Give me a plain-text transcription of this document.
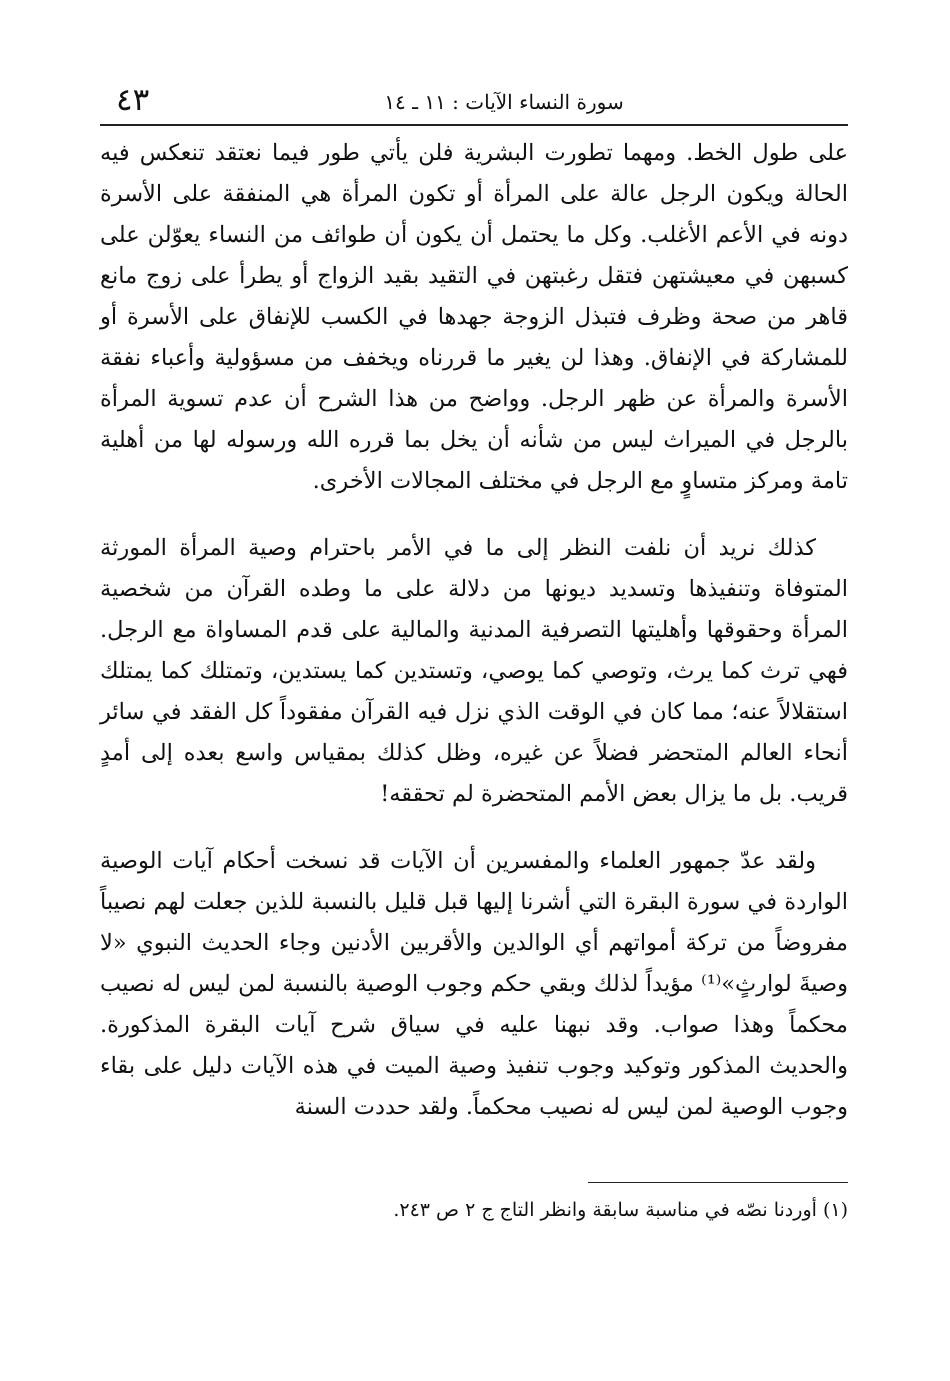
٤٣	سورة النساء الآيات : ١١ ـ ١٤

على طول الخط. ومهما تطورت البشرية فلن يأتي طور فيما نعتقد تنعكس فيه الحالة ويكون الرجل عالة على المرأة أو تكون المرأة هي المنفقة على الأسرة دونه في الأعم الأغلب. وكل ما يحتمل أن يكون أن طوائف من النساء يعوّلن على كسبهن في معيشتهن فتقل رغبتهن في التقيد بقيد الزواج أو يطرأ على زوج مانع قاهر من صحة وظرف فتبذل الزوجة جهدها في الكسب للإنفاق على الأسرة أو للمشاركة في الإنفاق. وهذا لن يغير ما قررناه ويخفف من مسؤولية وأعباء نفقة الأسرة والمرأة عن ظهر الرجل. وواضح من هذا الشرح أن عدم تسوية المرأة بالرجل في الميراث ليس من شأنه أن يخل بما قرره الله ورسوله لها من أهلية تامة ومركز متساوٍ مع الرجل في مختلف المجالات الأخرى.

كذلك نريد أن نلفت النظر إلى ما في الأمر باحترام وصية المرأة المورثة المتوفاة وتنفيذها وتسديد ديونها من دلالة على ما وطده القرآن من شخصية المرأة وحقوقها وأهليتها التصرفية المدنية والمالية على قدم المساواة مع الرجل. فهي ترث كما يرث، وتوصي كما يوصي، وتستدين كما يستدين، وتمتلك كما يمتلك استقلالاً عنه؛ مما كان في الوقت الذي نزل فيه القرآن مفقوداً كل الفقد في سائر أنحاء العالم المتحضر فضلاً عن غيره، وظل كذلك بمقياس واسع بعده إلى أمدٍ قريب. بل ما يزال بعض الأمم المتحضرة لم تحققه!

ولقد عدّ جمهور العلماء والمفسرين أن الآيات قد نسخت أحكام آيات الوصية الواردة في سورة البقرة التي أشرنا إليها قبل قليل بالنسبة للذين جعلت لهم نصيباً مفروضاً من تركة أمواتهم أي الوالدين والأقربين الأدنين وجاء الحديث النبوي «لا وصيةَ لوارثٍ»⁽¹⁾ مؤيداً لذلك وبقي حكم وجوب الوصية بالنسبة لمن ليس له نصيب محكماً وهذا صواب. وقد نبهنا عليه في سياق شرح آيات البقرة المذكورة. والحديث المذكور وتوكيد وجوب تنفيذ وصية الميت في هذه الآيات دليل على بقاء وجوب الوصية لمن ليس له نصيب محكماً. ولقد حددت السنة

(١) أوردنا نصّه في مناسبة سابقة وانظر التاج ج ٢ ص ٢٤٣.
